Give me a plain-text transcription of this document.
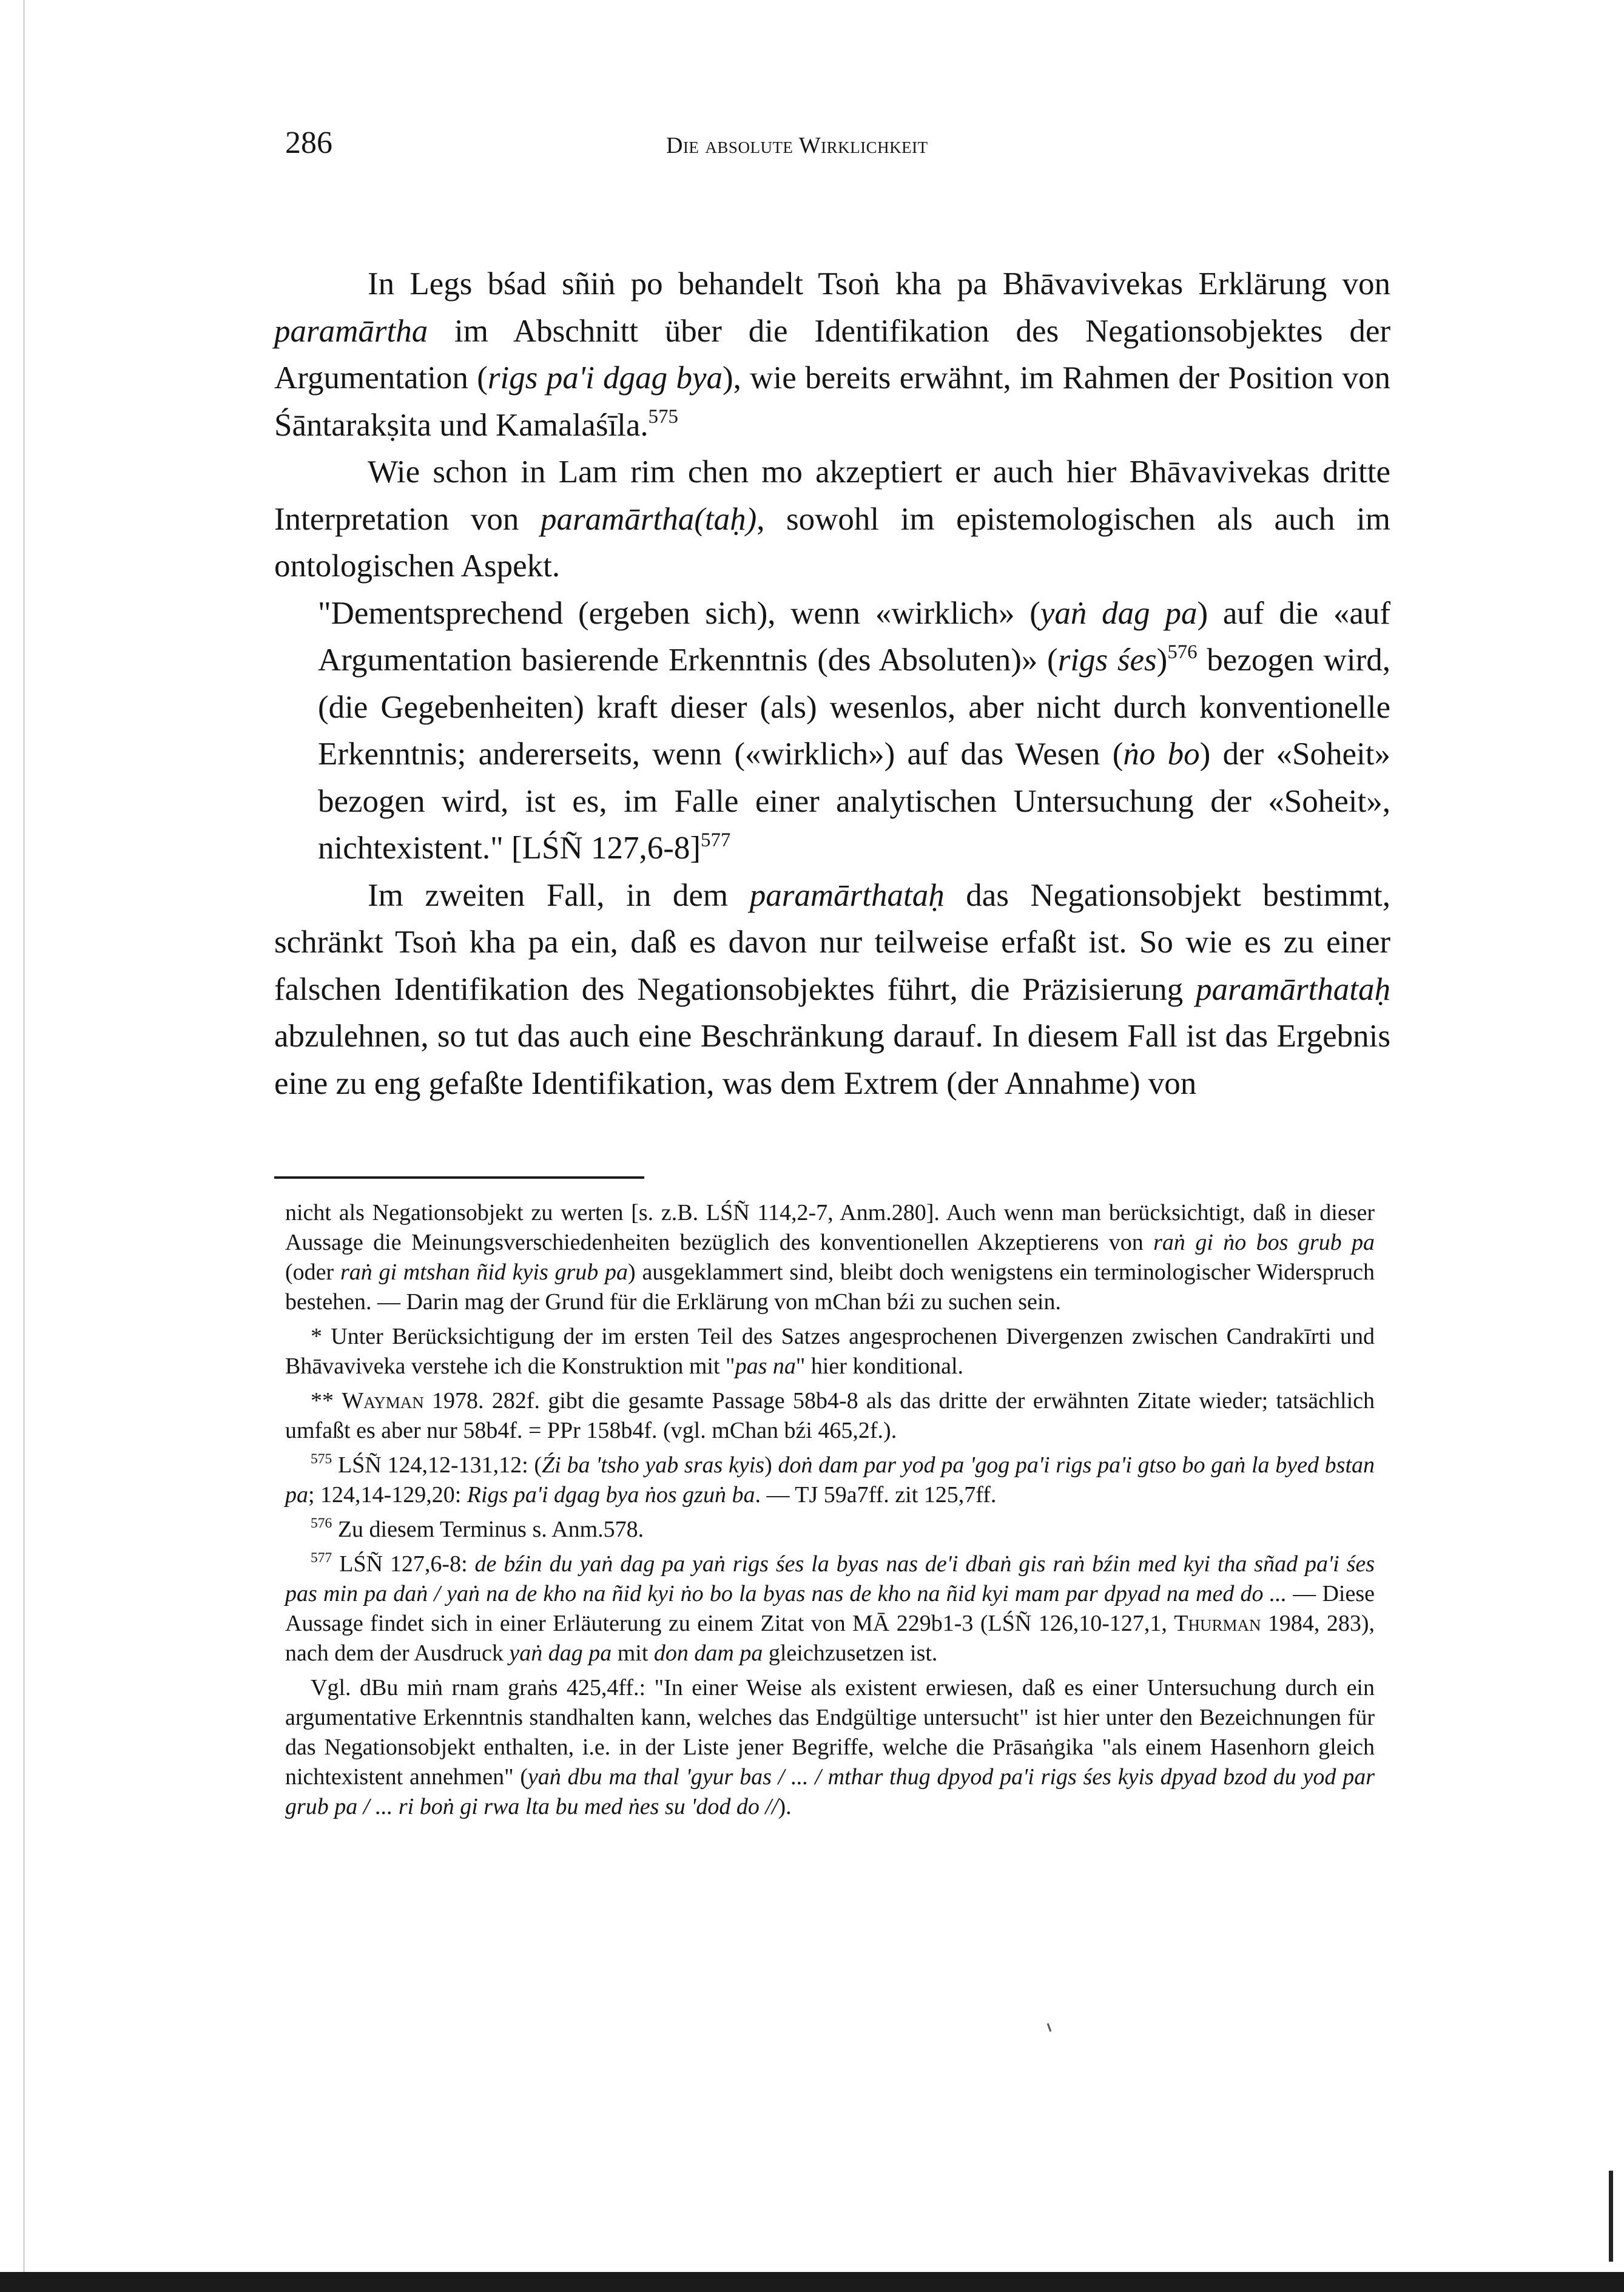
286	Die absolute Wirklichkeit

In Legs bśad sñiṅ po behandelt Tsoṅ kha pa Bhāvavivekas Erklärung von paramārtha im Abschnitt über die Identifikation des Negationsobjektes der Argumentation (rigs pa'i dgag bya), wie bereits erwähnt, im Rahmen der Position von Śāntarakṣita und Kamalaśīla.$^{575}$

Wie schon in Lam rim chen mo akzeptiert er auch hier Bhāvavivekas dritte Interpretation von paramārtha(taḥ), sowohl im epistemologischen als auch im ontologischen Aspekt.

"Dementsprechend (ergeben sich), wenn «wirklich» (yaṅ dag pa) auf die «auf Argumentation basierende Erkenntnis (des Absoluten)» (rigs śes)$^{576}$ bezogen wird, (die Gegebenheiten) kraft dieser (als) wesenlos, aber nicht durch konventionelle Erkenntnis; andererseits, wenn («wirklich») auf das Wesen (ṅo bo) der «Soheit» bezogen wird, ist es, im Falle einer analytischen Untersuchung der «Soheit», nichtexistent." [LŚÑ 127,6-8]$^{577}$

Im zweiten Fall, in dem paramārthataḥ das Negationsobjekt bestimmt, schränkt Tsoṅ kha pa ein, daß es davon nur teilweise erfaßt ist. So wie es zu einer falschen Identifikation des Negationsobjektes führt, die Präzisierung paramārthataḥ abzulehnen, so tut das auch eine Beschränkung darauf. In diesem Fall ist das Ergebnis eine zu eng gefaßte Identifikation, was dem Extrem (der Annahme) von

nicht als Negationsobjekt zu werten [s. z.B. LŚÑ 114,2-7, Anm.280]. Auch wenn man berücksichtigt, daß in dieser Aussage die Meinungsverschiedenheiten bezüglich des konventionellen Akzeptierens von raṅ gi ṅo bos grub pa (oder raṅ gi mtshan ñid kyis grub pa) ausgeklammert sind, bleibt doch wenigstens ein terminologischer Widerspruch bestehen. — Darin mag der Grund für die Erklärung von mChan bźi zu suchen sein.

* Unter Berücksichtigung der im ersten Teil des Satzes angesprochenen Divergenzen zwischen Candrakīrti und Bhāvaviveka verstehe ich die Konstruktion mit "pas na" hier konditional.

** Wayman 1978. 282f. gibt die gesamte Passage 58b4-8 als das dritte der erwähnten Zitate wieder; tatsächlich umfaßt es aber nur 58b4f. = PPr 158b4f. (vgl. mChan bźi 465,2f.).

$^{575}$ LŚÑ 124,12-131,12: (Źi ba 'tsho yab sras kyis) doṅ dam par yod pa 'gog pa'i rigs pa'i gtso bo gaṅ la byed bstan pa; 124,14-129,20: Rigs pa'i dgag bya ṅos gzuṅ ba. — TJ 59a7ff. zit 125,7ff.

$^{576}$ Zu diesem Terminus s. Anm.578.

$^{577}$ LŚÑ 127,6-8: de bźin du yaṅ dag pa yaṅ rigs śes la byas nas de'i dbaṅ gis raṅ bźin med kyi tha sñad pa'i śes pas min pa daṅ / yaṅ na de kho na ñid kyi ṅo bo la byas nas de kho na ñid kyi mam par dpyad na med do ... — Diese Aussage findet sich in einer Erläuterung zu einem Zitat von MĀ 229b1-3 (LŚÑ 126,10-127,1, Thurman 1984, 283), nach dem der Ausdruck yaṅ dag pa mit don dam pa gleichzusetzen ist.

Vgl. dBu miṅ rnam graṅs 425,4ff.: "In einer Weise als existent erwiesen, daß es einer Untersuchung durch ein argumentative Erkenntnis standhalten kann, welches das Endgültige untersucht" ist hier unter den Bezeichnungen für das Negationsobjekt enthalten, i.e. in der Liste jener Begriffe, welche die Prāsaṅgika "als einem Hasenhorn gleich nichtexistent annehmen" (yaṅ dbu ma thal 'gyur bas / ... / mthar thug dpyod pa'i rigs śes kyis dpyad bzod du yod par grub pa / ... ri boṅ gi rwa lta bu med ṅes su 'dod do //).
